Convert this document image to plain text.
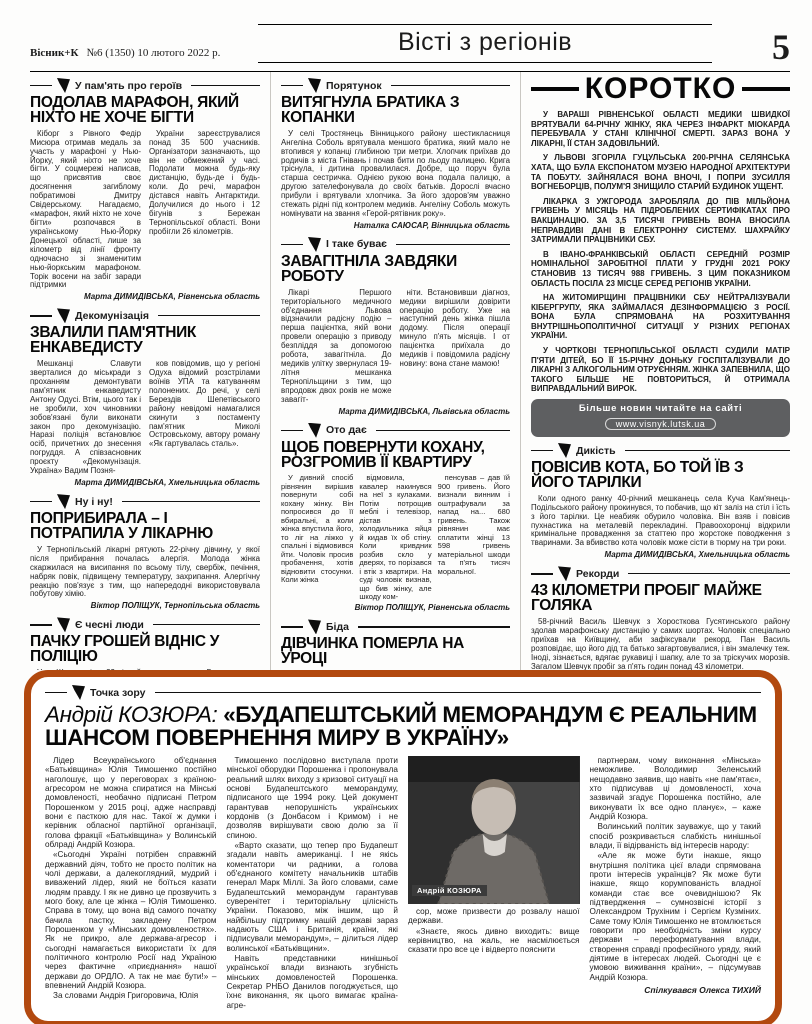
Вісник+К №6 (1350) 10 лютого 2022 р.	Вісті з регіонів	5
У пам'ять про героїв
ПОДОЛАВ МАРАФОН, ЯКИЙ НІХТО НЕ ХОЧЕ БІГТИ

Кіборг з Рівного Федір Мисюра отримав медаль за участь у марафоні у Нью-Йорку, який ніхто не хоче бігти. У соцмережі написав, що присвятив своє досягнення загиблому побратимові Дмитру Свідерському. Нагадаємо, «марафон, який ніхто не хоче бігти» розпочався в українському Нью-Йорку Донецької області, лише за кілометр від лінії фронту одночасно зі знаменитим нью-йоркським марафоном. Торік восени на забіг заради підтримки

України зареєструвалися понад 35 500 учасників. Організатори зазначають, що він не обмежений у часі. Подолати можна будь-яку дистанцію, будь-де і будь-коли. До речі, марафон дістався навіть Антарктиди. Долучилися до нього і 12 бігунів з Бережан Тернопільської області. Вони пробігли 26 кілометрів.

Марта ДИМИДІВСЬКА, Рівненська область
Декомунізація
ЗВАЛИЛИ ПАМ'ЯТНИК ЕНКАВЕДИСТУ

Мешканці Славути зверталися до міськради з проханням демонтувати пам'ятник енкаведисту Антону Одусі. Втім, цього так і не зробили, хоч чиновники зобов'язані були виконати закон про декомунізацію. Наразі поліція встановлює осіб, причетних до знесення погруддя. А співзасновник проєкту «Декомунізація. Україна» Вадим Позня-

ков повідомив, що у регіоні Одуха відомий розстрілами воїнів УПА та катуванням полонених. До речі, у селі Берездів Шепетівського району невідомі намагалися скинути з постаменту пам'ятник Миколі Островському, автору роману «Як гартувалась сталь».

Марта ДИМИДІВСЬКА, Хмельницька область
Ну і ну!
ПОПРИБИРАЛА – І ПОТРАПИЛА У ЛІКАРНЮ

У Тернопільській лікарні рятують 22-річну дівчину, у якої після прибирання почалась алергія. Молода жінка скаржилася на висипання по всьому тілу, свербіж, печіння, набряк повік, підвищену температуру, захрипання. Алергічну реакцію пов'язує з тим, що напередодні використовувала побутову хімію.

Віктор ПОЛІЩУК, Тернопільська область
Є чесні люди
ПАЧКУ ГРОШЕЙ ВІДНІС У ПОЛІЦІЮ

Порятунок
ВИТЯГНУЛА БРАТИКА З КОПАНКИ

У селі Тростянець Вінницького району шестикласниця Ангеліна Соболь врятувала меншого братика, який мало не втопився у копанці глибиною три метри. Хлопчик приїхав до родичів з міста Гнівань і почав бити по льоду палицею. Крига тріснула, і дитина провалилася. Добре, що поруч була старша сестричка. Однією рукою вона подала палицю, а другою зателефонувала до своїх батьків. Дорослі вчасно прибули і врятували хлопчика. За його здоров'ям уважно стежать рідні під контролем медиків. Ангеліну Соболь можуть номінувати на звання «Герой-рятівник року».

Наталка САЮСАР, Вінницька область
І таке буває
ЗАВАГІТНІЛА ЗАВДЯКИ РОБОТУ

Лікарі Першого територіального медичного об'єднання Львова відзначили радісну подію – перша пацієнтка, якій вони провели операцію з приводу безпліддя за допомогою робота, завагітніла. До медиків улітку звернулася 19-літня мешканка Тернопільщини з тим, що впродовж двох років не може завагіт-

ніти. Встановивши діагноз, медики вирішили довірити операцію роботу. Уже на наступний день жінка пішла додому. Після операції минуло п'ять місяців. І от пацієнтка приїхала до медиків і повідомила радісну новину: вона стане мамою!

Марта ДИМИДІВСЬКА, Львівська область
Ото дає
ЩОБ ПОВЕРНУТИ КОХАНУ, РОЗГРОМИВ ЇЇ КВАРТИРУ

У дивний спосіб рівнянин вирішив повернути собі кохану жінку. Він попросився до її вбиральні, а коли жінка впустила його, то ліг на ліжко у спальні і відмовився йти. Чоловік просив пробачення, хотів відновити стосунки. Коли жінка

відмовила, кавалер накинувся на неї з кулаками. Потім потрощив меблі і телевізор, дістав з холодильника яйця й кидав їх об стіну. Коли кривдник розбив скло у дверях, то порізався і втік з квартири. На суді чоловік визнав, що бив жінку, але шкоду ком-

пенсував – дав їй 900 гривень. Його визнали винним і оштрафували за напад на... 680 гривень. Також рівнянин має сплатити жінці 13 598 гривень матеріальної шкоди та п'ять тисяч моральної.

Віктор ПОЛІЩУК, Рівненська область
Біда
ДІВЧИНКА ПОМЕРЛА НА УРОЦІ

КОРОТКО

У ВАРАШІ РІВНЕНСЬКОЇ ОБЛАСТІ МЕДИКИ ШВИДКОЇ ВРЯТУВАЛИ 64-РІЧНУ ЖІНКУ, ЯКА ЧЕРЕЗ ІНФАРКТ МІОКАРДА ПЕРЕБУВАЛА У СТАНІ КЛІНІЧНОЇ СМЕРТІ. ЗАРАЗ ВОНА У ЛІКАРНІ, ЇЇ СТАН ЗАДОВІЛЬНИЙ.

У ЛЬВОВІ ЗГОРІЛА ГУЦУЛЬСЬКА 200-РІЧНА СЕЛЯНСЬКА ХАТА, ЩО БУЛА ЕКСПОНАТОМ МУЗЕЮ НАРОДНОЇ АРХІТЕКТУРИ ТА ПОБУТУ. ЗАЙНЯЛАСЯ ВОНА ВНОЧІ, І ПОПРИ ЗУСИЛЛЯ ВОГНЕБОРЦІВ, ПОЛУМ'Я ЗНИЩИЛО СТАРИЙ БУДИНОК УЩЕНТ.

ЛІКАРКА З УЖГОРОДА ЗАРОБЛЯЛА ДО ПІВ МІЛЬЙОНА ГРИВЕНЬ У МІСЯЦЬ НА ПІДРОБЛЕНИХ СЕРТИФІКАТАХ ПРО ВАКЦИНАЦІЮ. ЗА 3,5 ТИСЯЧІ ГРИВЕНЬ ВОНА ВНОСИЛА НЕПРАВДИВІ ДАНІ В ЕЛЕКТРОННУ СИСТЕМУ. ШАХРАЙКУ ЗАТРИМАЛИ ПРАЦІВНИКИ СБУ.

В ІВАНО-ФРАНКІВСЬКІЙ ОБЛАСТІ СЕРЕДНІЙ РОЗМІР НОМІНАЛЬНОЇ ЗАРОБІТНОЇ ПЛАТИ У ГРУДНІ 2021 РОКУ СТАНОВИВ 13 ТИСЯЧ 988 ГРИВЕНЬ. З ЦИМ ПОКАЗНИКОМ ОБЛАСТЬ ПОСІЛА 23 МІСЦЕ СЕРЕД РЕГІОНІВ УКРАЇНИ.

НА ЖИТОМИРЩИНІ ПРАЦІВНИКИ СБУ НЕЙТРАЛІЗУВАЛИ КІБЕРГРУПУ, ЯКА ЗАЙМАЛАСЯ ДЕЗІНФОРМАЦІЄЮ З РОСІЇ. ВОНА БУЛА СПРЯМОВАНА НА РОЗХИТУВАННЯ ВНУТРІШНЬОПОЛІТИЧНОЇ СИТУАЦІЇ У РІЗНИХ РЕГІОНАХ УКРАЇНИ.

У ЧОРТКОВІ ТЕРНОПІЛЬСЬКОЇ ОБЛАСТІ СУДИЛИ МАТІР П'ЯТИ ДІТЕЙ, БО ЇЇ 15-РІЧНУ ДОНЬКУ ГОСПІТАЛІЗУВАЛИ ДО ЛІКАРНІ З АЛКОГОЛЬНИМ ОТРУЄННЯМ. ЖІНКА ЗАПЕВНИЛА, ЩО ТАКОГО БІЛЬШЕ НЕ ПОВТОРИТЬСЯ, Й ОТРИМАЛА ВИПРАВДАЛЬНИЙ ВИРОК.

Більше новин читайте на сайті
www.visnyk.lutsk.ua
Дикість
ПОВІСИВ КОТА, БО ТОЙ ЇВ З ЙОГО ТАРІЛКИ

Коли одного ранку 40-річний мешканець села Куча Кам'янець-Подільського району прокинувся, то побачив, що кіт заліз на стіл і їсть з його тарілки. Це неабияк обурило чоловіка. Він взяв і повісив пухнастика на металевій перекладині. Правоохоронці відкрили кримінальне провадження за статтею про жорстоке поводження з тваринами. За вбивство кота чоловік може сісти в тюрму на три роки.

Марта ДИМИДІВСЬКА, Хмельницька область
Рекорди
43 КІЛОМЕТРИ ПРОБІГ МАЙЖЕ ГОЛЯКА

58-річний Василь Шевчук з Хоросткова Гусятинського району здолав марафонську дистанцію у самих шортах. Чоловік спеціально приїхав на Київщину, аби зафіксували рекорд. Пан Василь розповідає, що його дід та батько загартовувалися, і він змалечку теж. Іноді, зізнається, вдягає рукавиці і шапку, але то за тріскучих морозів. Загалом Шевчук пробіг за п'ять годин понад 43 кілометри.

Точка зору
Андрій КОЗЮРА: «БУДАПЕШТСЬКИЙ МЕМОРАНДУМ Є РЕАЛЬНИМ ШАНСОМ ПОВЕРНЕННЯ МИРУ В УКРАЇНУ»

Лідер Всеукраїнського об'єднання «Батьківщина» Юлія Тимошенко постійно наголошує, що у переговорах з країною-агресором не можна спиратися на Мінські домовленості, необачно підписані Петром Порошенком у 2015 році, адже насправді вони є пасткою для нас. Такої ж думки і керівник обласної партійної організації, голова фракції «Батьківщина» у Волинській облраді Андрій Козюра.

«Сьогодні Україні потрібен справжній державний діяч, тобто не просто політик на чолі держави, а далекоглядний, мудрий і виважений лідер, який не боїться казати людям правду. І як не дивно це прозвучить з мого боку, але це жінка – Юлія Тимошенко. Справа в тому, що вона від самого початку бачила пастку, закладену Петром Порошенком у «Мінських домовленостях». Як не прикро, але держава-агресор і сьогодні намагається використати їх для політичного контролю Росії над Україною через фактичне «приєднання» нашої держави до ОРДЛО. А так не має бути!» – впевнений Андрій Козюра.

За словами Андрія Григоровича, Юлія

Тимошенко послідовно виступала проти мінської оборудки Порошенка і пропонувала реальний шлях виходу з кризової ситуації на основі Будапештського меморандуму, підписаного ще 1994 року. Цей документ гарантував непорушність українських кордонів (з Донбасом і Кримом) і не дозволяв вирішувати свою долю за її спиною.

«Варто сказати, що тепер про Будапешт згадали навіть американці. І не якісь коментатори чи радники, а голова об'єднаного комітету начальників штабів генерал Марк Міллі. За його словами, саме Будапештський меморандум гарантував суверенітет і територіальну цілісність України. Показово, між іншим, що й найбільшу підтримку нашій державі зараз надають США і Британія, країни, які підписували меморандум», – ділиться лідер волинської «Батьківщини».

Навіть представники нинішньої української влади визнають згубність мінських домовленостей Порошенка. Секретар РНБО Данилов погоджується, що їхнє виконання, як цього вимагає країна-агре-

Андрій КОЗЮРА

сор, може призвести до розвалу нашої держави.

«Знаєте, якось дивно виходить: вище керівництво, на жаль, не насмілюється сказати про все це і відверто пояснити

партнерам, чому виконання «Мінська» неможливе. Володимир Зеленський нещодавно заявив, що навіть «не пам'ятає», хто підписував ці домовленості, хоча зазвичай згадує Порошенка постійно, але виконувати їх все одно планує», – каже Андрій Козюра.

Волинський політик зауважує, що у такий спосіб розкривається слабкість нинішньої влади, її відірваність від інтересів народу:

«Але як може бути інакше, якщо внутрішня політика цієї влади спрямована проти інтересів українців? Як може бути інакше, якщо корумпованість владної команди стає все очевиднішою? Як підтвердження – сумнозвісні історії з Олександром Трухіним і Сергієм Кузміних. Саме тому Юлія Тимошенко не втомлюється говорити про необхідність зміни курсу держави – переформатування влади, створення справді професійного уряду, який діятиме в інтересах людей. Сьогодні це є умовою виживання країни», – підсумував Андрій Козюра.

Спілкувався Олекса ТИХИЙ
